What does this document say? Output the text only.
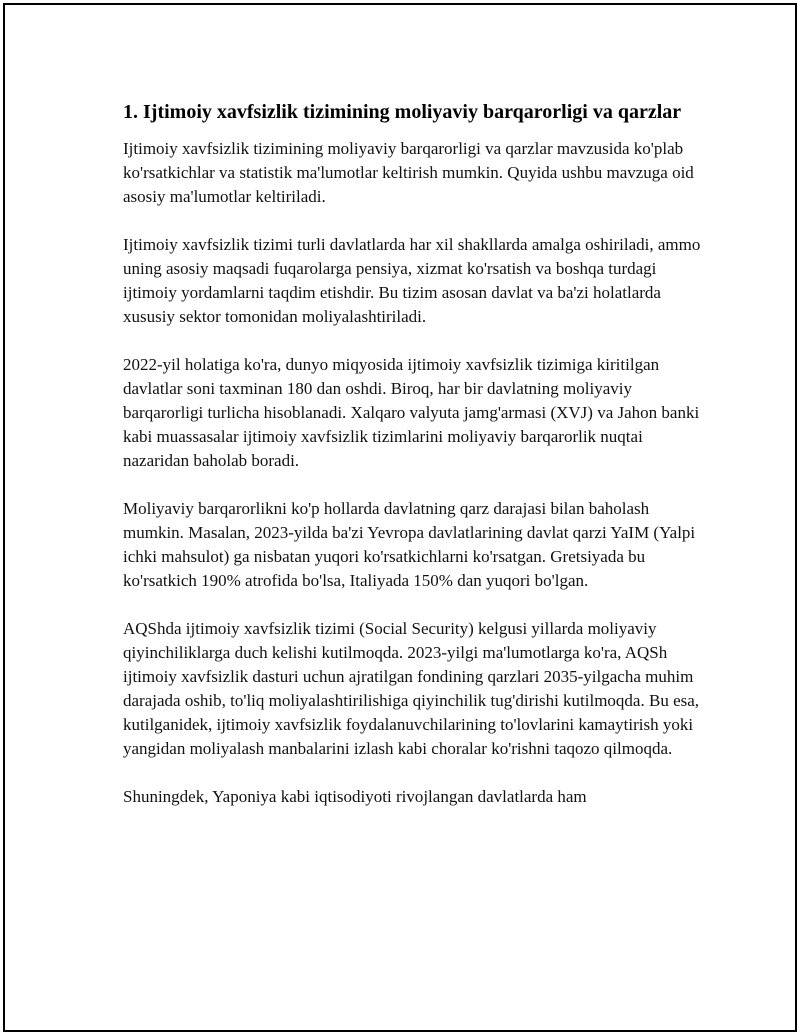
1. Ijtimoiy xavfsizlik tizimining moliyaviy barqarorligi va qarzlar

Ijtimoiy xavfsizlik tizimining moliyaviy barqarorligi va qarzlar mavzusida ko'plab ko'rsatkichlar va statistik ma'lumotlar keltirish mumkin. Quyida ushbu mavzuga oid asosiy ma'lumotlar keltiriladi.

Ijtimoiy xavfsizlik tizimi turli davlatlarda har xil shakllarda amalga oshiriladi, ammo uning asosiy maqsadi fuqarolarga pensiya, xizmat ko'rsatish va boshqa turdagi ijtimoiy yordamlarni taqdim etishdir. Bu tizim asosan davlat va ba'zi holatlarda xususiy sektor tomonidan moliyalashtiriladi.

2022-yil holatiga ko'ra, dunyo miqyosida ijtimoiy xavfsizlik tizimiga kiritilgan davlatlar soni taxminan 180 dan oshdi. Biroq, har bir davlatning moliyaviy barqarorligi turlicha hisoblanadi. Xalqaro valyuta jamg'armasi (XVJ) va Jahon banki kabi muassasalar ijtimoiy xavfsizlik tizimlarini moliyaviy barqarorlik nuqtai nazaridan baholab boradi.

Moliyaviy barqarorlikni ko'p hollarda davlatning qarz darajasi bilan baholash mumkin. Masalan, 2023-yilda ba'zi Yevropa davlatlarining davlat qarzi YaIM (Yalpi ichki mahsulot) ga nisbatan yuqori ko'rsatkichlarni ko'rsatgan. Gretsiyada bu ko'rsatkich 190% atrofida bo'lsa, Italiyada 150% dan yuqori bo'lgan.

AQShda ijtimoiy xavfsizlik tizimi (Social Security) kelgusi yillarda moliyaviy qiyinchiliklarga duch kelishi kutilmoqda. 2023-yilgi ma'lumotlarga ko'ra, AQSh ijtimoiy xavfsizlik dasturi uchun ajratilgan fondining qarzlari 2035-yilgacha muhim darajada oshib, to'liq moliyalashtirilishiga qiyinchilik tug'dirishi kutilmoqda. Bu esa, kutilganidek, ijtimoiy xavfsizlik foydalanuvchilarining to'lovlarini kamaytirish yoki yangidan moliyalash manbalarini izlash kabi choralar ko'rishni taqozo qilmoqda.

Shuningdek, Yaponiya kabi iqtisodiyoti rivojlangan davlatlarda ham
